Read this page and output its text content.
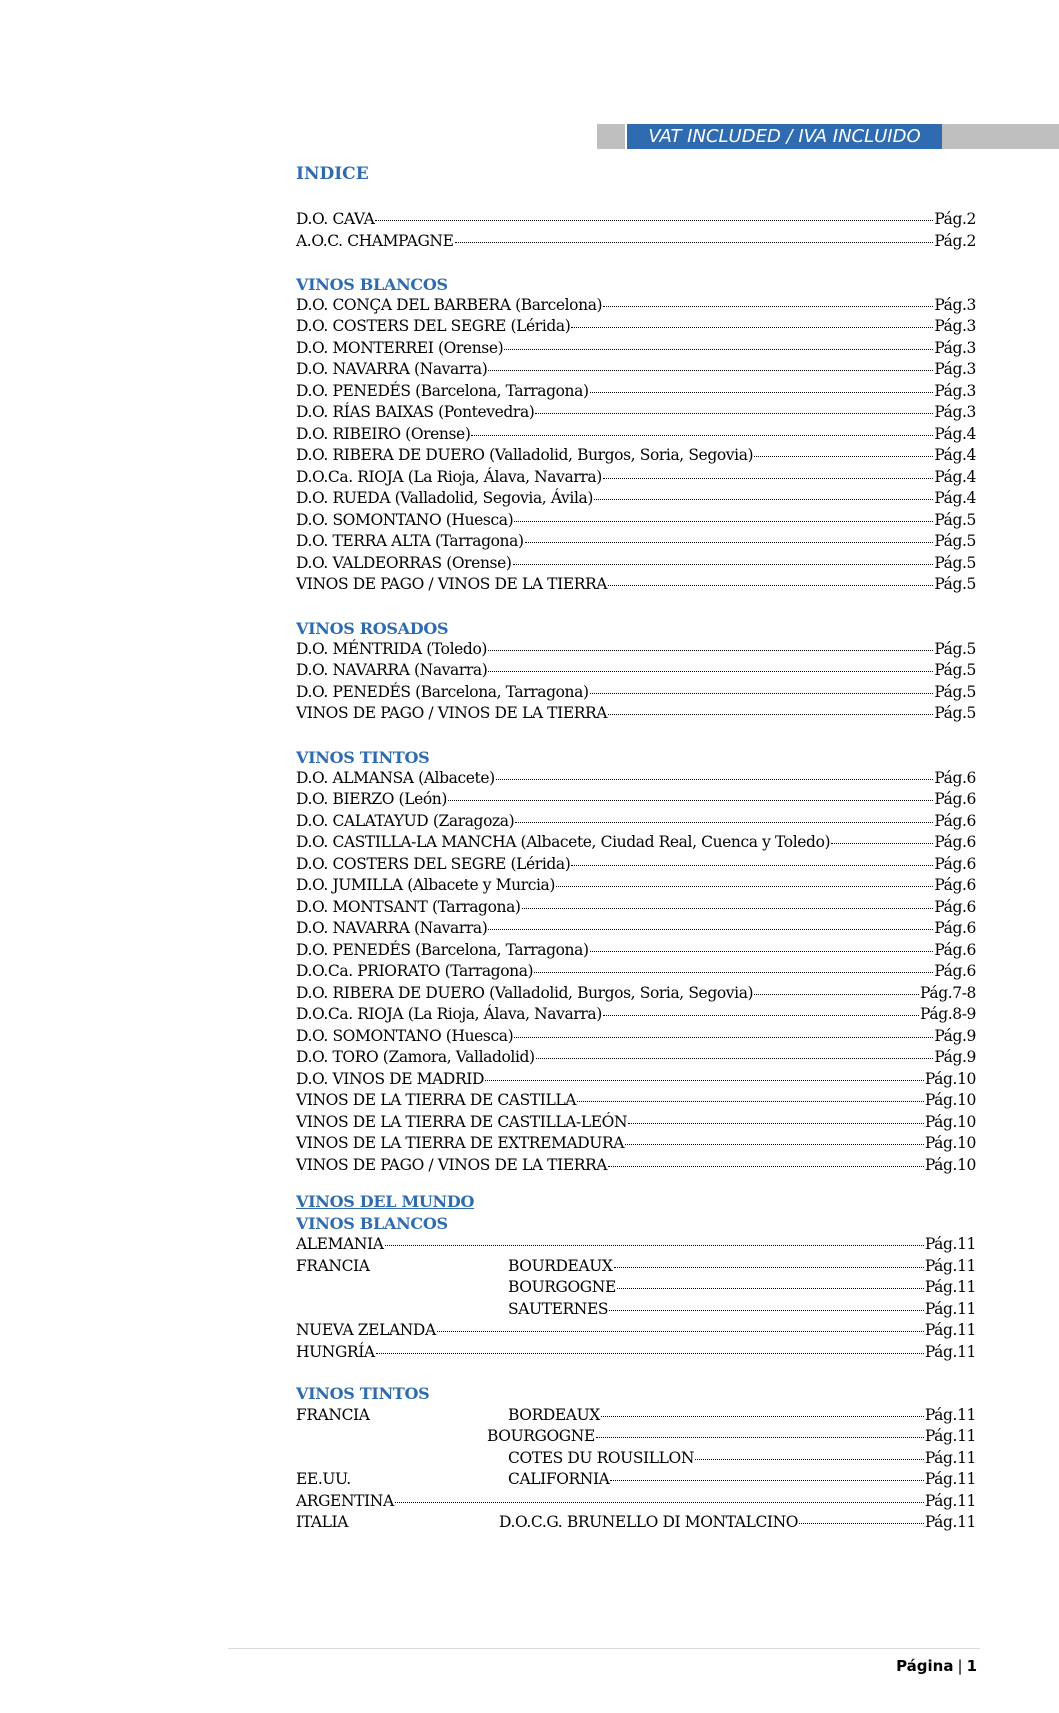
VAT INCLUDED / IVA INCLUIDO
INDICE
D.O. CAVA	Pág.2
A.O.C. CHAMPAGNE	Pág.2
VINOS BLANCOS
D.O. CONÇA DEL BARBERA (Barcelona)	Pág.3
D.O. COSTERS DEL SEGRE (Lérida)	Pág.3
D.O. MONTERREI (Orense)	Pág.3
D.O. NAVARRA (Navarra)	Pág.3
D.O. PENEDÉS (Barcelona, Tarragona)	Pág.3
D.O. RÍAS BAIXAS (Pontevedra)	Pág.3
D.O. RIBEIRO (Orense)	Pág.4
D.O. RIBERA DE DUERO (Valladolid, Burgos, Soria, Segovia)	Pág.4
D.O.Ca. RIOJA (La Rioja, Álava, Navarra)	Pág.4
D.O. RUEDA (Valladolid, Segovia, Ávila)	Pág.4
D.O. SOMONTANO (Huesca)	Pág.5
D.O. TERRA ALTA (Tarragona)	Pág.5
D.O. VALDEORRAS (Orense)	Pág.5
VINOS DE PAGO / VINOS DE LA TIERRA	Pág.5
VINOS ROSADOS
D.O. MÉNTRIDA (Toledo)	Pág.5
D.O. NAVARRA (Navarra)	Pág.5
D.O. PENEDÉS (Barcelona, Tarragona)	Pág.5
VINOS DE PAGO / VINOS DE LA TIERRA	Pág.5
VINOS TINTOS
D.O. ALMANSA (Albacete)	Pág.6
D.O. BIERZO (León)	Pág.6
D.O. CALATAYUD (Zaragoza)	Pág.6
D.O. CASTILLA-LA MANCHA (Albacete, Ciudad Real, Cuenca y Toledo)	Pág.6
D.O. COSTERS DEL SEGRE (Lérida)	Pág.6
D.O. JUMILLA (Albacete y Murcia)	Pág.6
D.O. MONTSANT (Tarragona)	Pág.6
D.O. NAVARRA (Navarra)	Pág.6
D.O. PENEDÉS (Barcelona, Tarragona)	Pág.6
D.O.Ca. PRIORATO (Tarragona)	Pág.6
D.O. RIBERA DE DUERO (Valladolid, Burgos, Soria, Segovia)	Pág.7-8
D.O.Ca. RIOJA (La Rioja, Álava, Navarra)	Pág.8-9
D.O. SOMONTANO (Huesca)	Pág.9
D.O. TORO (Zamora, Valladolid)	Pág.9
D.O. VINOS DE MADRID	Pág.10
VINOS DE LA TIERRA DE CASTILLA	Pág.10
VINOS DE LA TIERRA DE CASTILLA-LEÓN	Pág.10
VINOS DE LA TIERRA DE EXTREMADURA	Pág.10
VINOS DE PAGO / VINOS DE LA TIERRA	Pág.10
VINOS DEL MUNDO
VINOS BLANCOS
ALEMANIA	Pág.11
FRANCIA	BOURDEAUX	Pág.11
BOURGOGNE	Pág.11
SAUTERNES	Pág.11
NUEVA ZELANDA	Pág.11
HUNGRÍA	Pág.11
VINOS TINTOS
FRANCIA	BORDEAUX	Pág.11
BOURGOGNE	Pág.11
COTES DU ROUSILLON	Pág.11
EE.UU.	CALIFORNIA	Pág.11
ARGENTINA	Pág.11
ITALIA	D.O.C.G. BRUNELLO DI MONTALCINO	Pág.11
Página | 1
